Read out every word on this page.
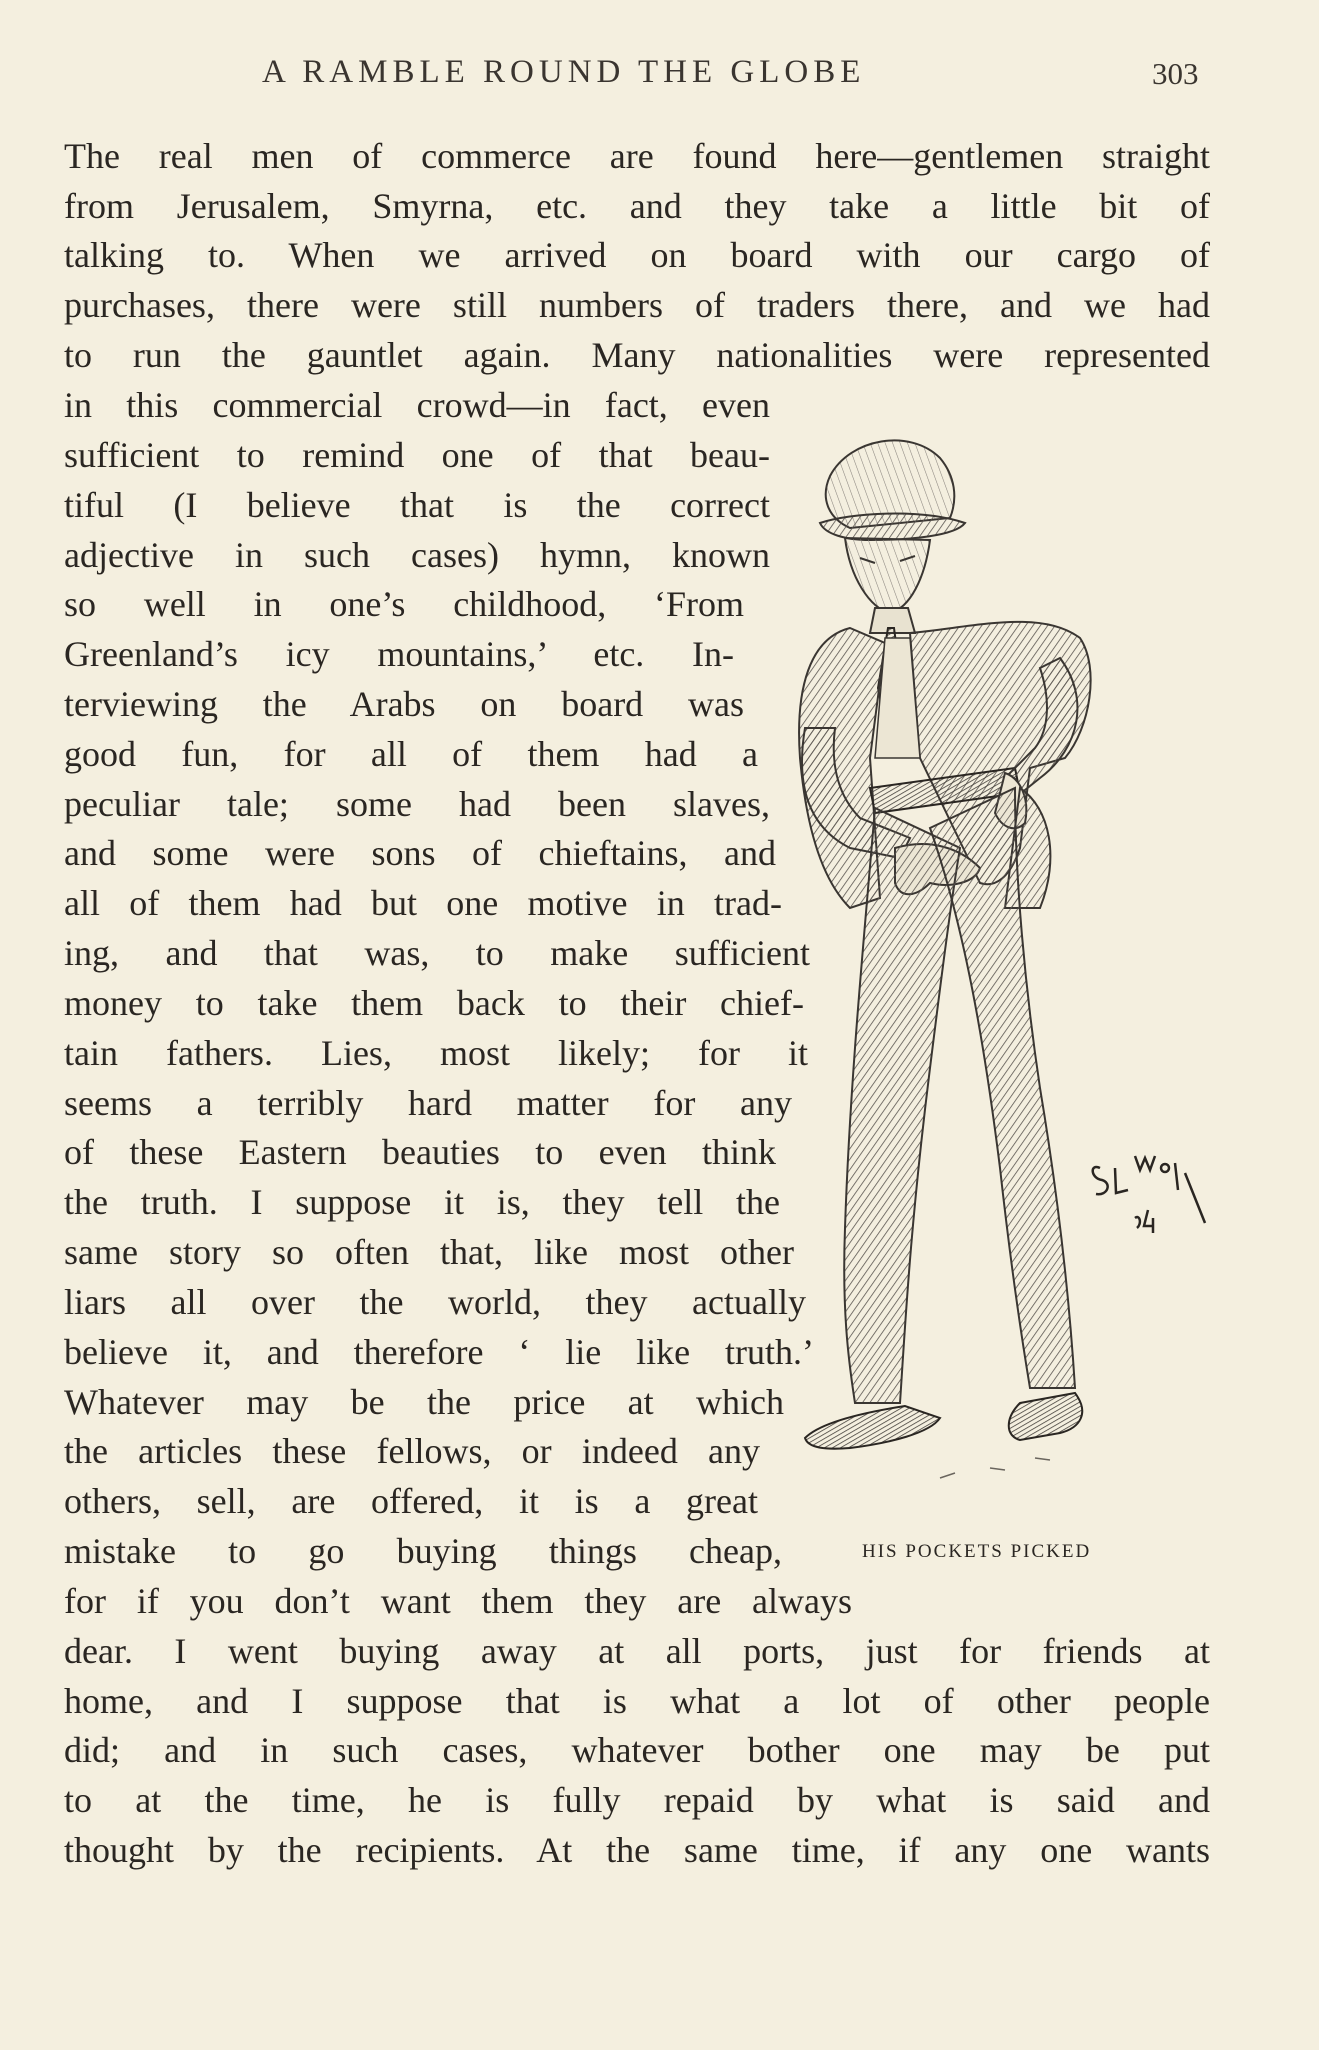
A RAMBLE ROUND THE GLOBE	303
The real men of commerce are found here—gentlemen straight
from Jerusalem, Smyrna, etc. and they take a little bit of
talking to. When we arrived on board with our cargo of
purchases, there were still numbers of traders there, and we had
to run the gauntlet again. Many nationalities were represented
in this commercial crowd—in fact, even
sufficient to remind one of that beau-
tiful (I believe that is the correct
adjective in such cases) hymn, known
so well in one’s childhood, ‘From
Greenland’s icy mountains,’ etc. In-
terviewing the Arabs on board was
good fun, for all of them had a
peculiar tale; some had been slaves,
and some were sons of chieftains, and
all of them had but one motive in trad-
ing, and that was, to make sufficient
money to take them back to their chief-
tain fathers. Lies, most likely; for it
seems a terribly hard matter for any
of these Eastern beauties to even think
the truth. I suppose it is, they tell the
same story so often that, like most other
liars all over the world, they actually
believe it, and therefore ‘ lie like truth.’
Whatever may be the price at which
the articles these fellows, or indeed any
others, sell, are offered, it is a great
mistake to go buying things cheap,
for if you don’t want them they are always
dear. I went buying away at all ports, just for friends at
home, and I suppose that is what a lot of other people
did; and in such cases, whatever bother one may be put
to at the time, he is fully repaid by what is said and
thought by the recipients. At the same time, if any one wants
HIS POCKETS PICKED
